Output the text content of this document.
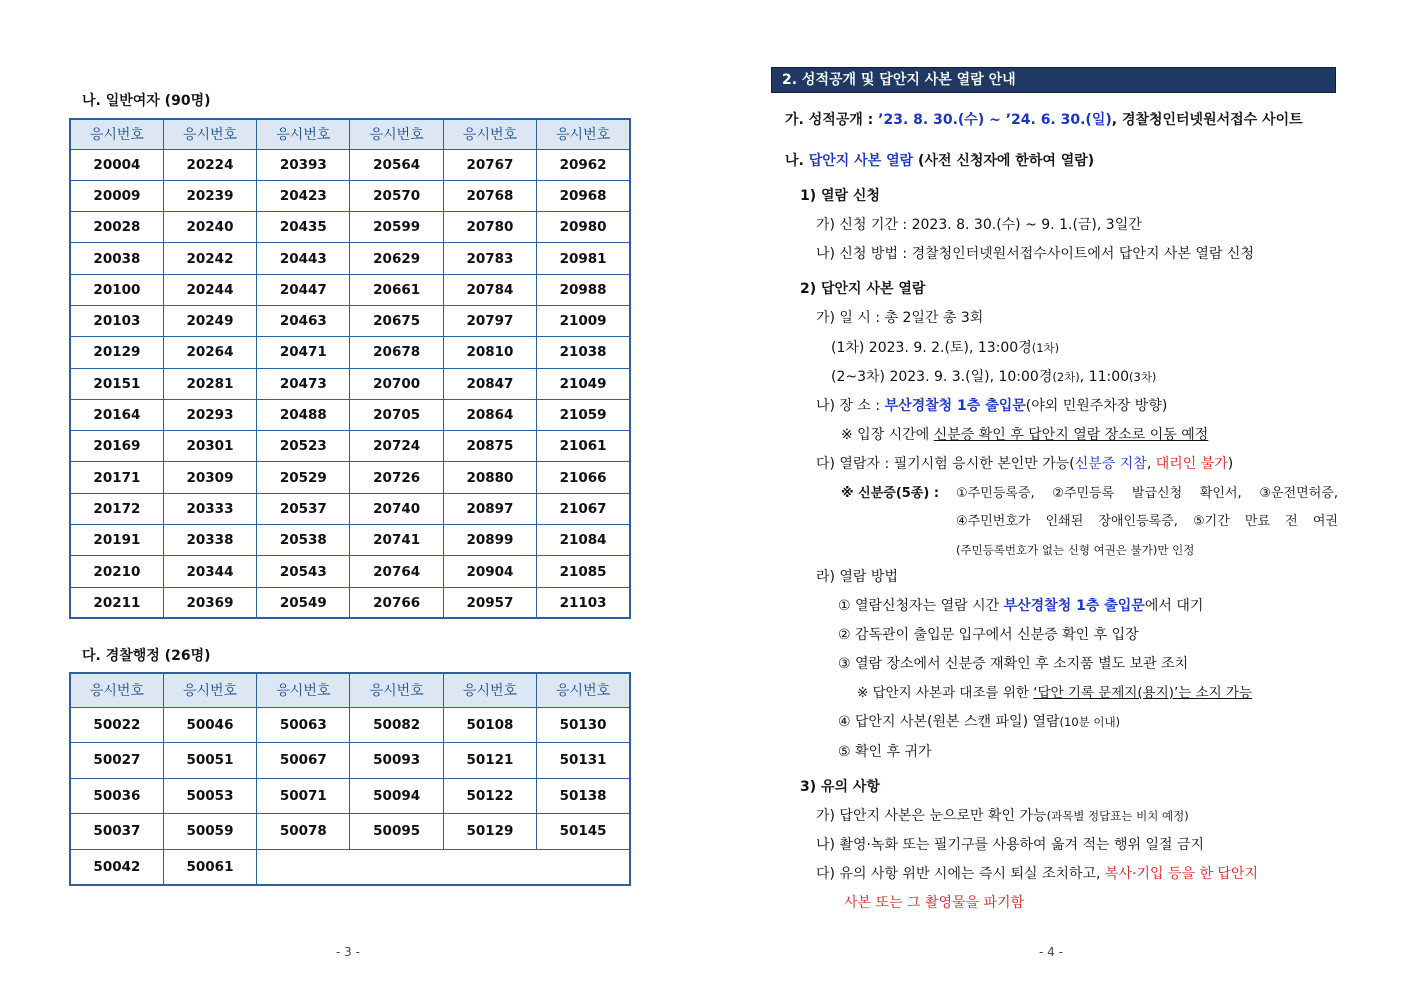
나. 일반여자 (90명)
응시번호	응시번호	응시번호	응시번호	응시번호	응시번호
20004	20224	20393	20564	20767	20962
20009	20239	20423	20570	20768	20968
20028	20240	20435	20599	20780	20980
20038	20242	20443	20629	20783	20981
20100	20244	20447	20661	20784	20988
20103	20249	20463	20675	20797	21009
20129	20264	20471	20678	20810	21038
20151	20281	20473	20700	20847	21049
20164	20293	20488	20705	20864	21059
20169	20301	20523	20724	20875	21061
20171	20309	20529	20726	20880	21066
20172	20333	20537	20740	20897	21067
20191	20338	20538	20741	20899	21084
20210	20344	20543	20764	20904	21085
20211	20369	20549	20766	20957	21103
다. 경찰행정 (26명)
응시번호	응시번호	응시번호	응시번호	응시번호	응시번호
50022	50046	50063	50082	50108	50130
50027	50051	50067	50093	50121	50131
50036	50053	50071	50094	50122	50138
50037	50059	50078	50095	50129	50145
50042	50061				
- 3 -
2. 성적공개 및 답안지 사본 열람 안내
가. 성적공개 : ’23. 8. 30.(수) ~ ’24. 6. 30.(일), 경찰청인터넷원서접수 사이트
나. 답안지 사본 열람 (사전 신청자에 한하여 열람)
1) 열람 신청
가) 신청 기간 : 2023. 8. 30.(수) ~ 9. 1.(금), 3일간
나) 신청 방법 : 경찰청인터넷원서접수사이트에서 답안지 사본 열람 신청
2) 답안지 사본 열람
가) 일 시 : 총 2일간 총 3회
(1차) 2023. 9. 2.(토), 13:00경(1차)
(2~3차) 2023. 9. 3.(일), 10:00경(2차), 11:00(3차)
나) 장 소 : 부산경찰청 1층 출입문(야외 민원주차장 방향)
※ 입장 시간에 신분증 확인 후 답안지 열람 장소로 이동 예정
다) 열람자 : 필기시험 응시한 본인만 가능(신분증 지참, 대리인 불가)
※ 신분증(5종) : ①주민등록증, ②주민등록 발급신청 확인서, ③운전면허증,
④주민번호가 인쇄된 장애인등록증, ⑤기간 만료 전 여권
(주민등록번호가 없는 신형 여권은 불가)만 인정
라) 열람 방법
① 열람신청자는 열람 시간 부산경찰청 1층 출입문에서 대기
② 감독관이 출입문 입구에서 신분증 확인 후 입장
③ 열람 장소에서 신분증 재확인 후 소지품 별도 보관 조치
※ 답안지 사본과 대조를 위한 ‘답안 기록 문제지(용지)’는 소지 가능
④ 답안지 사본(원본 스캔 파일) 열람(10분 이내)
⑤ 확인 후 귀가
3) 유의 사항
가) 답안지 사본은 눈으로만 확인 가능(과목별 정답표는 비치 예정)
나) 촬영·녹화 또는 필기구를 사용하여 옮겨 적는 행위 일절 금지
다) 유의 사항 위반 시에는 즉시 퇴실 조치하고, 복사·기입 등을 한 답안지
사본 또는 그 촬영물을 파기함
- 4 -
